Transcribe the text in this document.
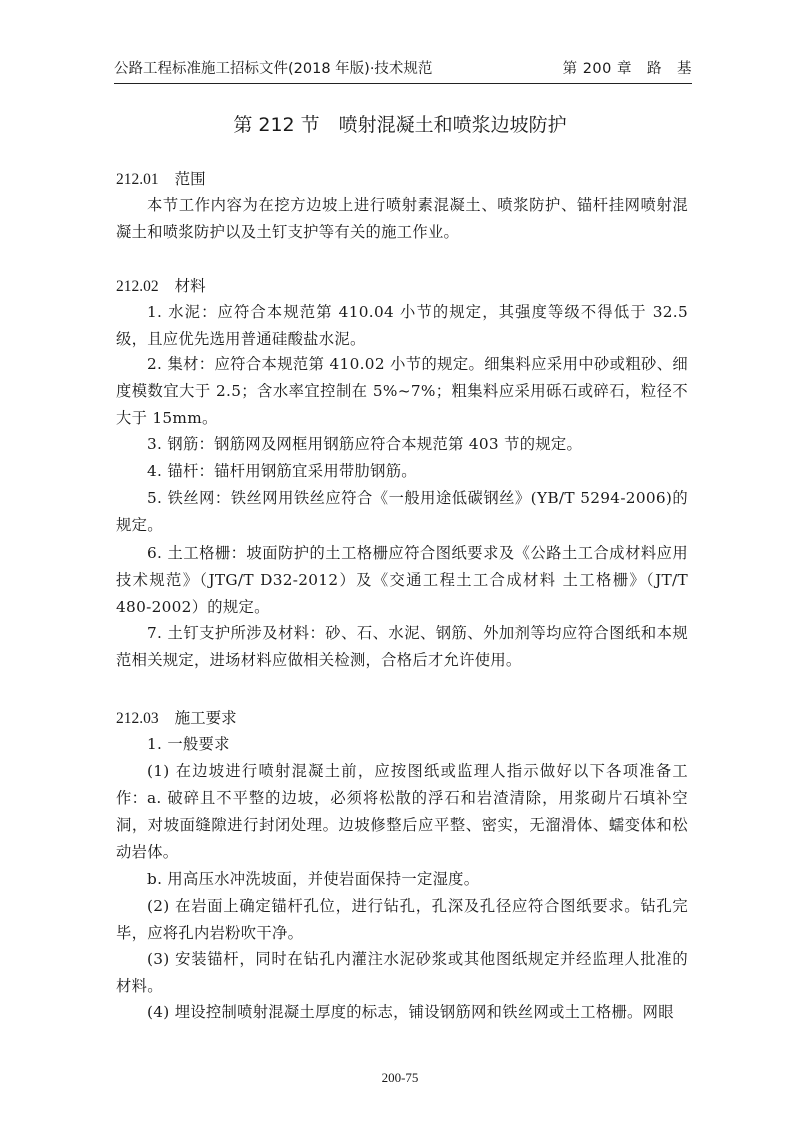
公路工程标准施工招标文件(2018 年版)·技术规范	第 200 章　路　基
第 212 节　喷射混凝土和喷浆边坡防护
212.01 范围
本节工作内容为在挖方边坡上进行喷射素混凝土、喷浆防护、锚杆挂网喷射混凝土和喷浆防护以及土钉支护等有关的施工作业。
212.02 材料
1. 水泥：应符合本规范第 410.04 小节的规定，其强度等级不得低于 32.5 级，且应优先选用普通硅酸盐水泥。
2. 集材：应符合本规范第 410.02 小节的规定。细集料应采用中砂或粗砂、细度模数宜大于 2.5；含水率宜控制在 5%~7%；粗集料应采用砾石或碎石，粒径不大于 15mm。
3. 钢筋：钢筋网及网框用钢筋应符合本规范第 403 节的规定。
4. 锚杆：锚杆用钢筋宜采用带肋钢筋。
5. 铁丝网：铁丝网用铁丝应符合《一般用途低碳钢丝》(YB/T 5294-2006)的规定。
6. 土工格栅：坡面防护的土工格栅应符合图纸要求及《公路土工合成材料应用技术规范》（JTG/T D32-2012）及《交通工程土工合成材料 土工格栅》（JT/T 480-2002）的规定。
7. 土钉支护所涉及材料：砂、石、水泥、钢筋、外加剂等均应符合图纸和本规范相关规定，进场材料应做相关检测，合格后才允许使用。
212.03 施工要求
1. 一般要求
(1) 在边坡进行喷射混凝土前，应按图纸或监理人指示做好以下各项准备工作： a. 破碎且不平整的边坡，必须将松散的浮石和岩渣清除，用浆砌片石填补空洞，对坡面缝隙进行封闭处理。边坡修整后应平整、密实，无溜滑体、蠕变体和松动岩体。
b. 用高压水冲洗坡面，并使岩面保持一定湿度。
(2) 在岩面上确定锚杆孔位，进行钻孔，孔深及孔径应符合图纸要求。钻孔完毕，应将孔内岩粉吹干净。
(3) 安装锚杆，同时在钻孔内灌注水泥砂浆或其他图纸规定并经监理人批准的材料。
(4) 埋设控制喷射混凝土厚度的标志，铺设钢筋网和铁丝网或土工格栅。网眼
200-75
